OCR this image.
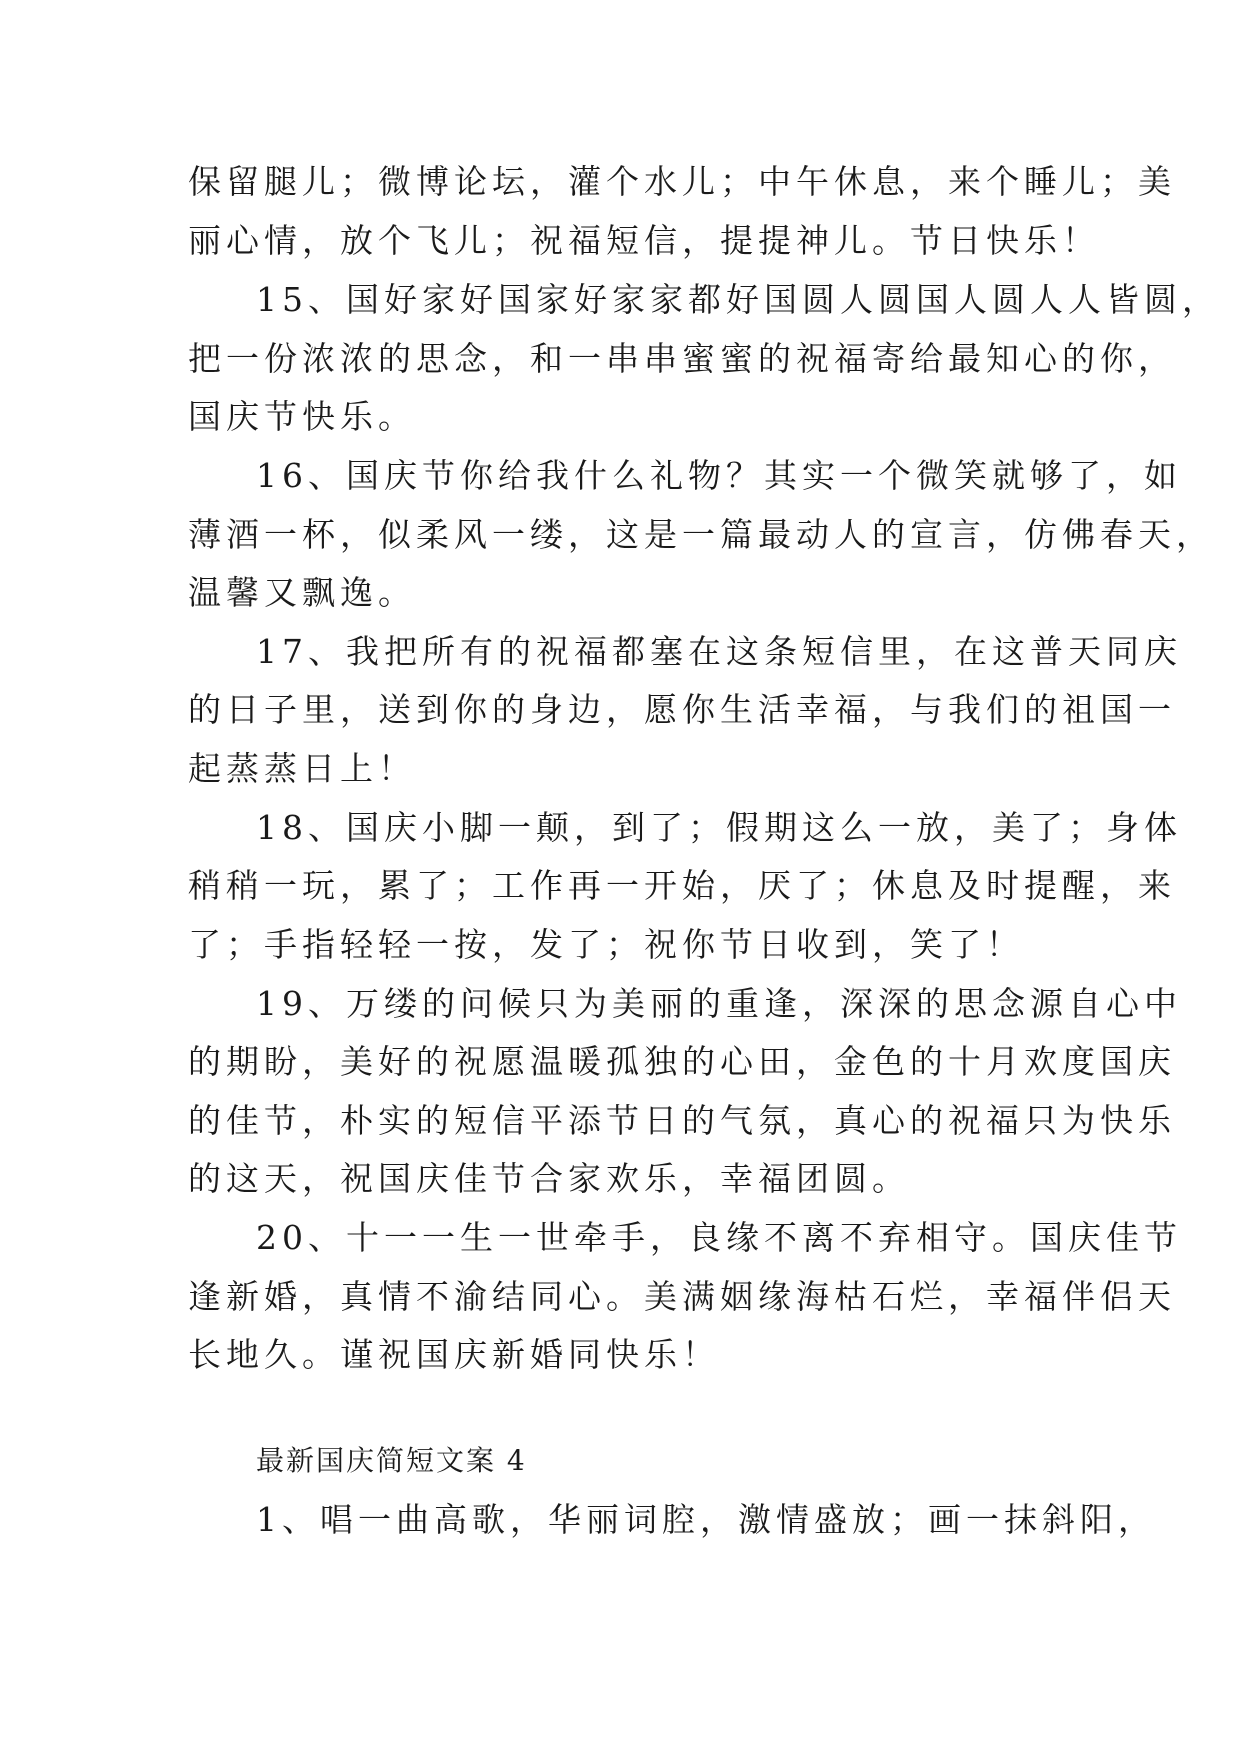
保留腿儿；微博论坛，灌个水儿；中午休息，来个睡儿；美
丽心情，放个飞儿；祝福短信，提提神儿。节日快乐！
15、国好家好国家好家家都好国圆人圆国人圆人人皆圆，
把一份浓浓的思念，和一串串蜜蜜的祝福寄给最知心的你，
国庆节快乐。
16、国庆节你给我什么礼物？其实一个微笑就够了，如
薄酒一杯，似柔风一缕，这是一篇最动人的宣言，仿佛春天，
温馨又飘逸。
17、我把所有的祝福都塞在这条短信里，在这普天同庆
的日子里，送到你的身边，愿你生活幸福，与我们的祖国一
起蒸蒸日上！
18、国庆小脚一颠，到了；假期这么一放，美了；身体
稍稍一玩，累了；工作再一开始，厌了；休息及时提醒，来
了；手指轻轻一按，发了；祝你节日收到，笑了！
19、万缕的问候只为美丽的重逢，深深的思念源自心中
的期盼，美好的祝愿温暖孤独的心田，金色的十月欢度国庆
的佳节，朴实的短信平添节日的气氛，真心的祝福只为快乐
的这天，祝国庆佳节合家欢乐，幸福团圆。
20、十一一生一世牵手，良缘不离不弃相守。国庆佳节
逢新婚，真情不渝结同心。美满姻缘海枯石烂，幸福伴侣天
长地久。谨祝国庆新婚同快乐！
最新国庆简短文案 4
1、唱一曲高歌，华丽词腔，激情盛放；画一抹斜阳，
